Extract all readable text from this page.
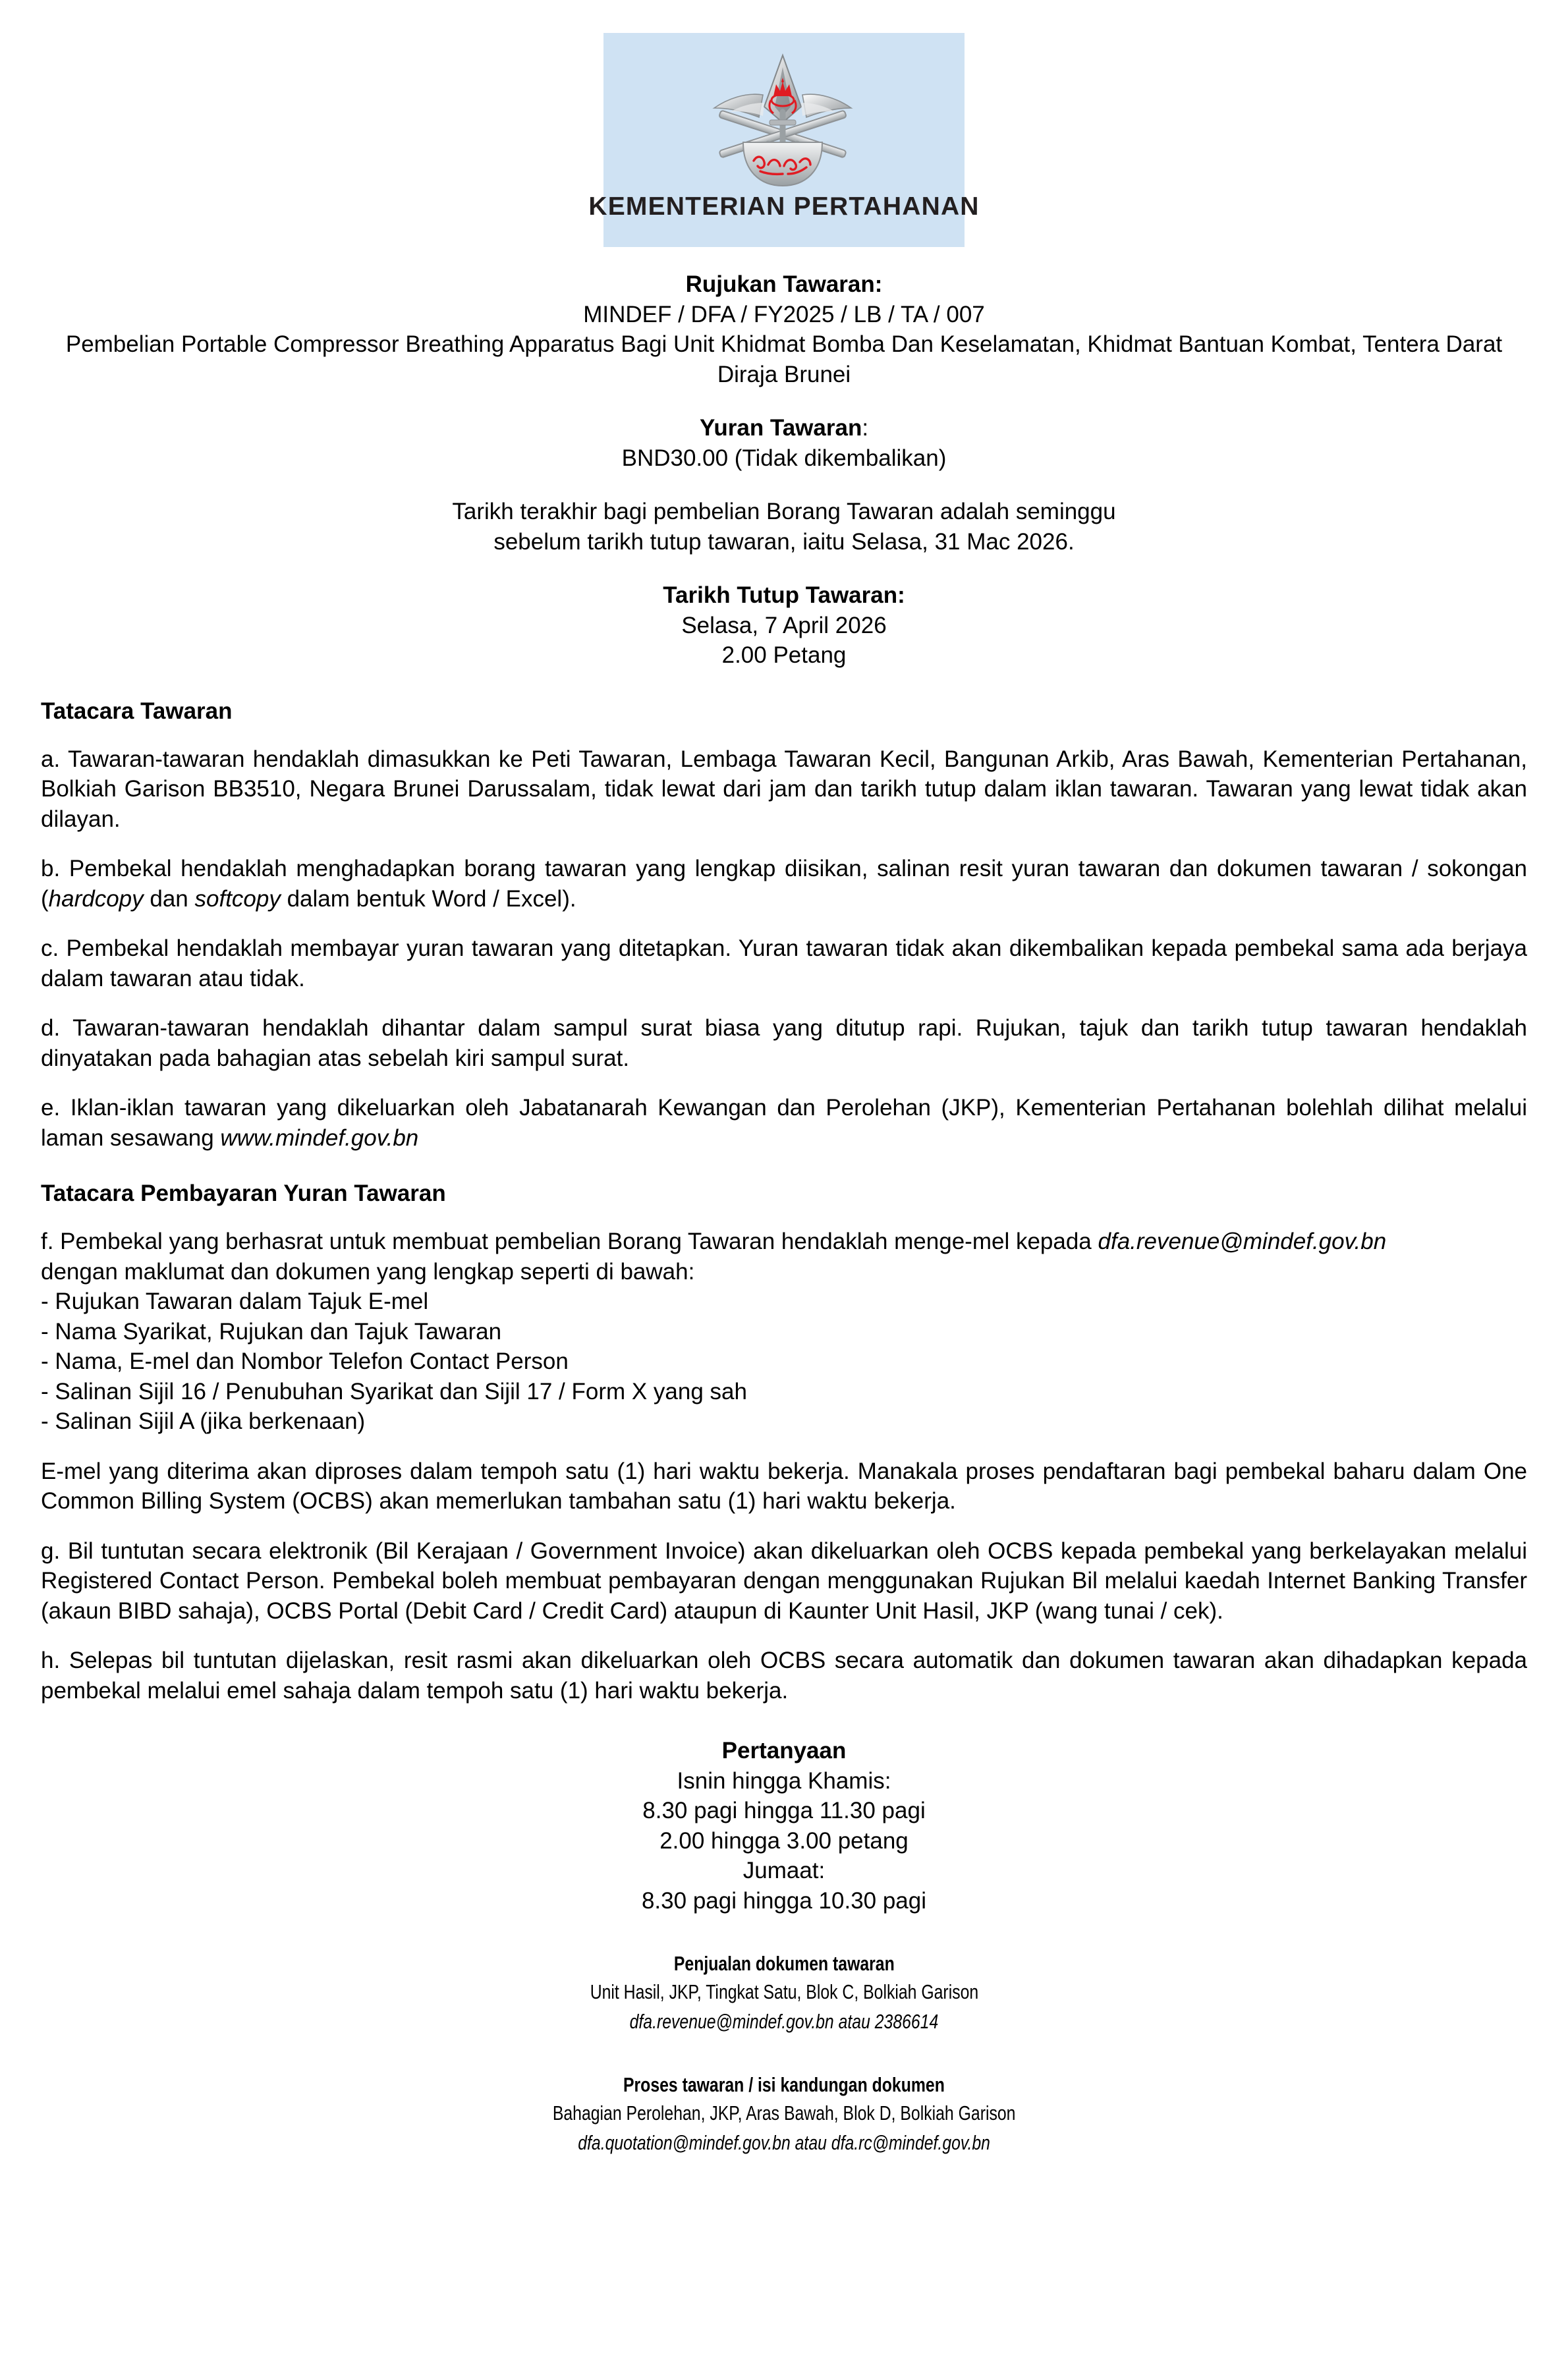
KEMENTERIAN PERTAHANAN
Rujukan Tawaran:
MINDEF / DFA / FY2025 / LB / TA / 007
Pembelian Portable Compressor Breathing Apparatus Bagi Unit Khidmat Bomba Dan Keselamatan, Khidmat Bantuan Kombat, Tentera Darat Diraja Brunei
Yuran Tawaran:
BND30.00 (Tidak dikembalikan)
Tarikh terakhir bagi pembelian Borang Tawaran adalah seminggu
sebelum tarikh tutup tawaran, iaitu Selasa, 31 Mac 2026.
Tarikh Tutup Tawaran:
Selasa, 7 April 2026
2.00 Petang
Tatacara Tawaran

a. Tawaran-tawaran hendaklah dimasukkan ke Peti Tawaran, Lembaga Tawaran Kecil, Bangunan Arkib, Aras Bawah, Kementerian Pertahanan, Bolkiah Garison BB3510, Negara Brunei Darussalam, tidak lewat dari jam dan tarikh tutup dalam iklan tawaran. Tawaran yang lewat tidak akan dilayan.

b. Pembekal hendaklah menghadapkan borang tawaran yang lengkap diisikan, salinan resit yuran tawaran dan dokumen tawaran / sokongan (hardcopy dan softcopy dalam bentuk Word / Excel).

c. Pembekal hendaklah membayar yuran tawaran yang ditetapkan. Yuran tawaran tidak akan dikembalikan kepada pembekal sama ada berjaya dalam tawaran atau tidak.

d. Tawaran-tawaran hendaklah dihantar dalam sampul surat biasa yang ditutup rapi. Rujukan, tajuk dan tarikh tutup tawaran hendaklah dinyatakan pada bahagian atas sebelah kiri sampul surat.

e. Iklan-iklan tawaran yang dikeluarkan oleh Jabatanarah Kewangan dan Perolehan (JKP), Kementerian Pertahanan bolehlah dilihat melalui laman sesawang www.mindef.gov.bn

Tatacara Pembayaran Yuran Tawaran

f. Pembekal yang berhasrat untuk membuat pembelian Borang Tawaran hendaklah menge-mel kepada dfa.revenue@mindef.gov.bn

dengan maklumat dan dokumen yang lengkap seperti di bawah:
- Rujukan Tawaran dalam Tajuk E-mel
- Nama Syarikat, Rujukan dan Tajuk Tawaran
- Nama, E-mel dan Nombor Telefon Contact Person
- Salinan Sijil 16 / Penubuhan Syarikat dan Sijil 17 / Form X yang sah
- Salinan Sijil A (jika berkenaan)

E-mel yang diterima akan diproses dalam tempoh satu (1) hari waktu bekerja. Manakala proses pendaftaran bagi pembekal baharu dalam One Common Billing System (OCBS) akan memerlukan tambahan satu (1) hari waktu bekerja.

g. Bil tuntutan secara elektronik (Bil Kerajaan / Government Invoice) akan dikeluarkan oleh OCBS kepada pembekal yang berkelayakan melalui Registered Contact Person. Pembekal boleh membuat pembayaran dengan menggunakan Rujukan Bil melalui kaedah Internet Banking Transfer (akaun BIBD sahaja), OCBS Portal (Debit Card / Credit Card) ataupun di Kaunter Unit Hasil, JKP (wang tunai / cek).

h. Selepas bil tuntutan dijelaskan, resit rasmi akan dikeluarkan oleh OCBS secara automatik dan dokumen tawaran akan dihadapkan kepada pembekal melalui emel sahaja dalam tempoh satu (1) hari waktu bekerja.

Pertanyaan
Isnin hingga Khamis:
8.30 pagi hingga 11.30 pagi
2.00 hingga 3.00 petang
Jumaat:
8.30 pagi hingga 10.30 pagi
Penjualan dokumen tawaran
Unit Hasil, JKP, Tingkat Satu, Blok C, Bolkiah Garison
dfa.revenue@mindef.gov.bn atau 2386614
Proses tawaran / isi kandungan dokumen
Bahagian Perolehan, JKP, Aras Bawah, Blok D, Bolkiah Garison
dfa.quotation@mindef.gov.bn atau dfa.rc@mindef.gov.bn
